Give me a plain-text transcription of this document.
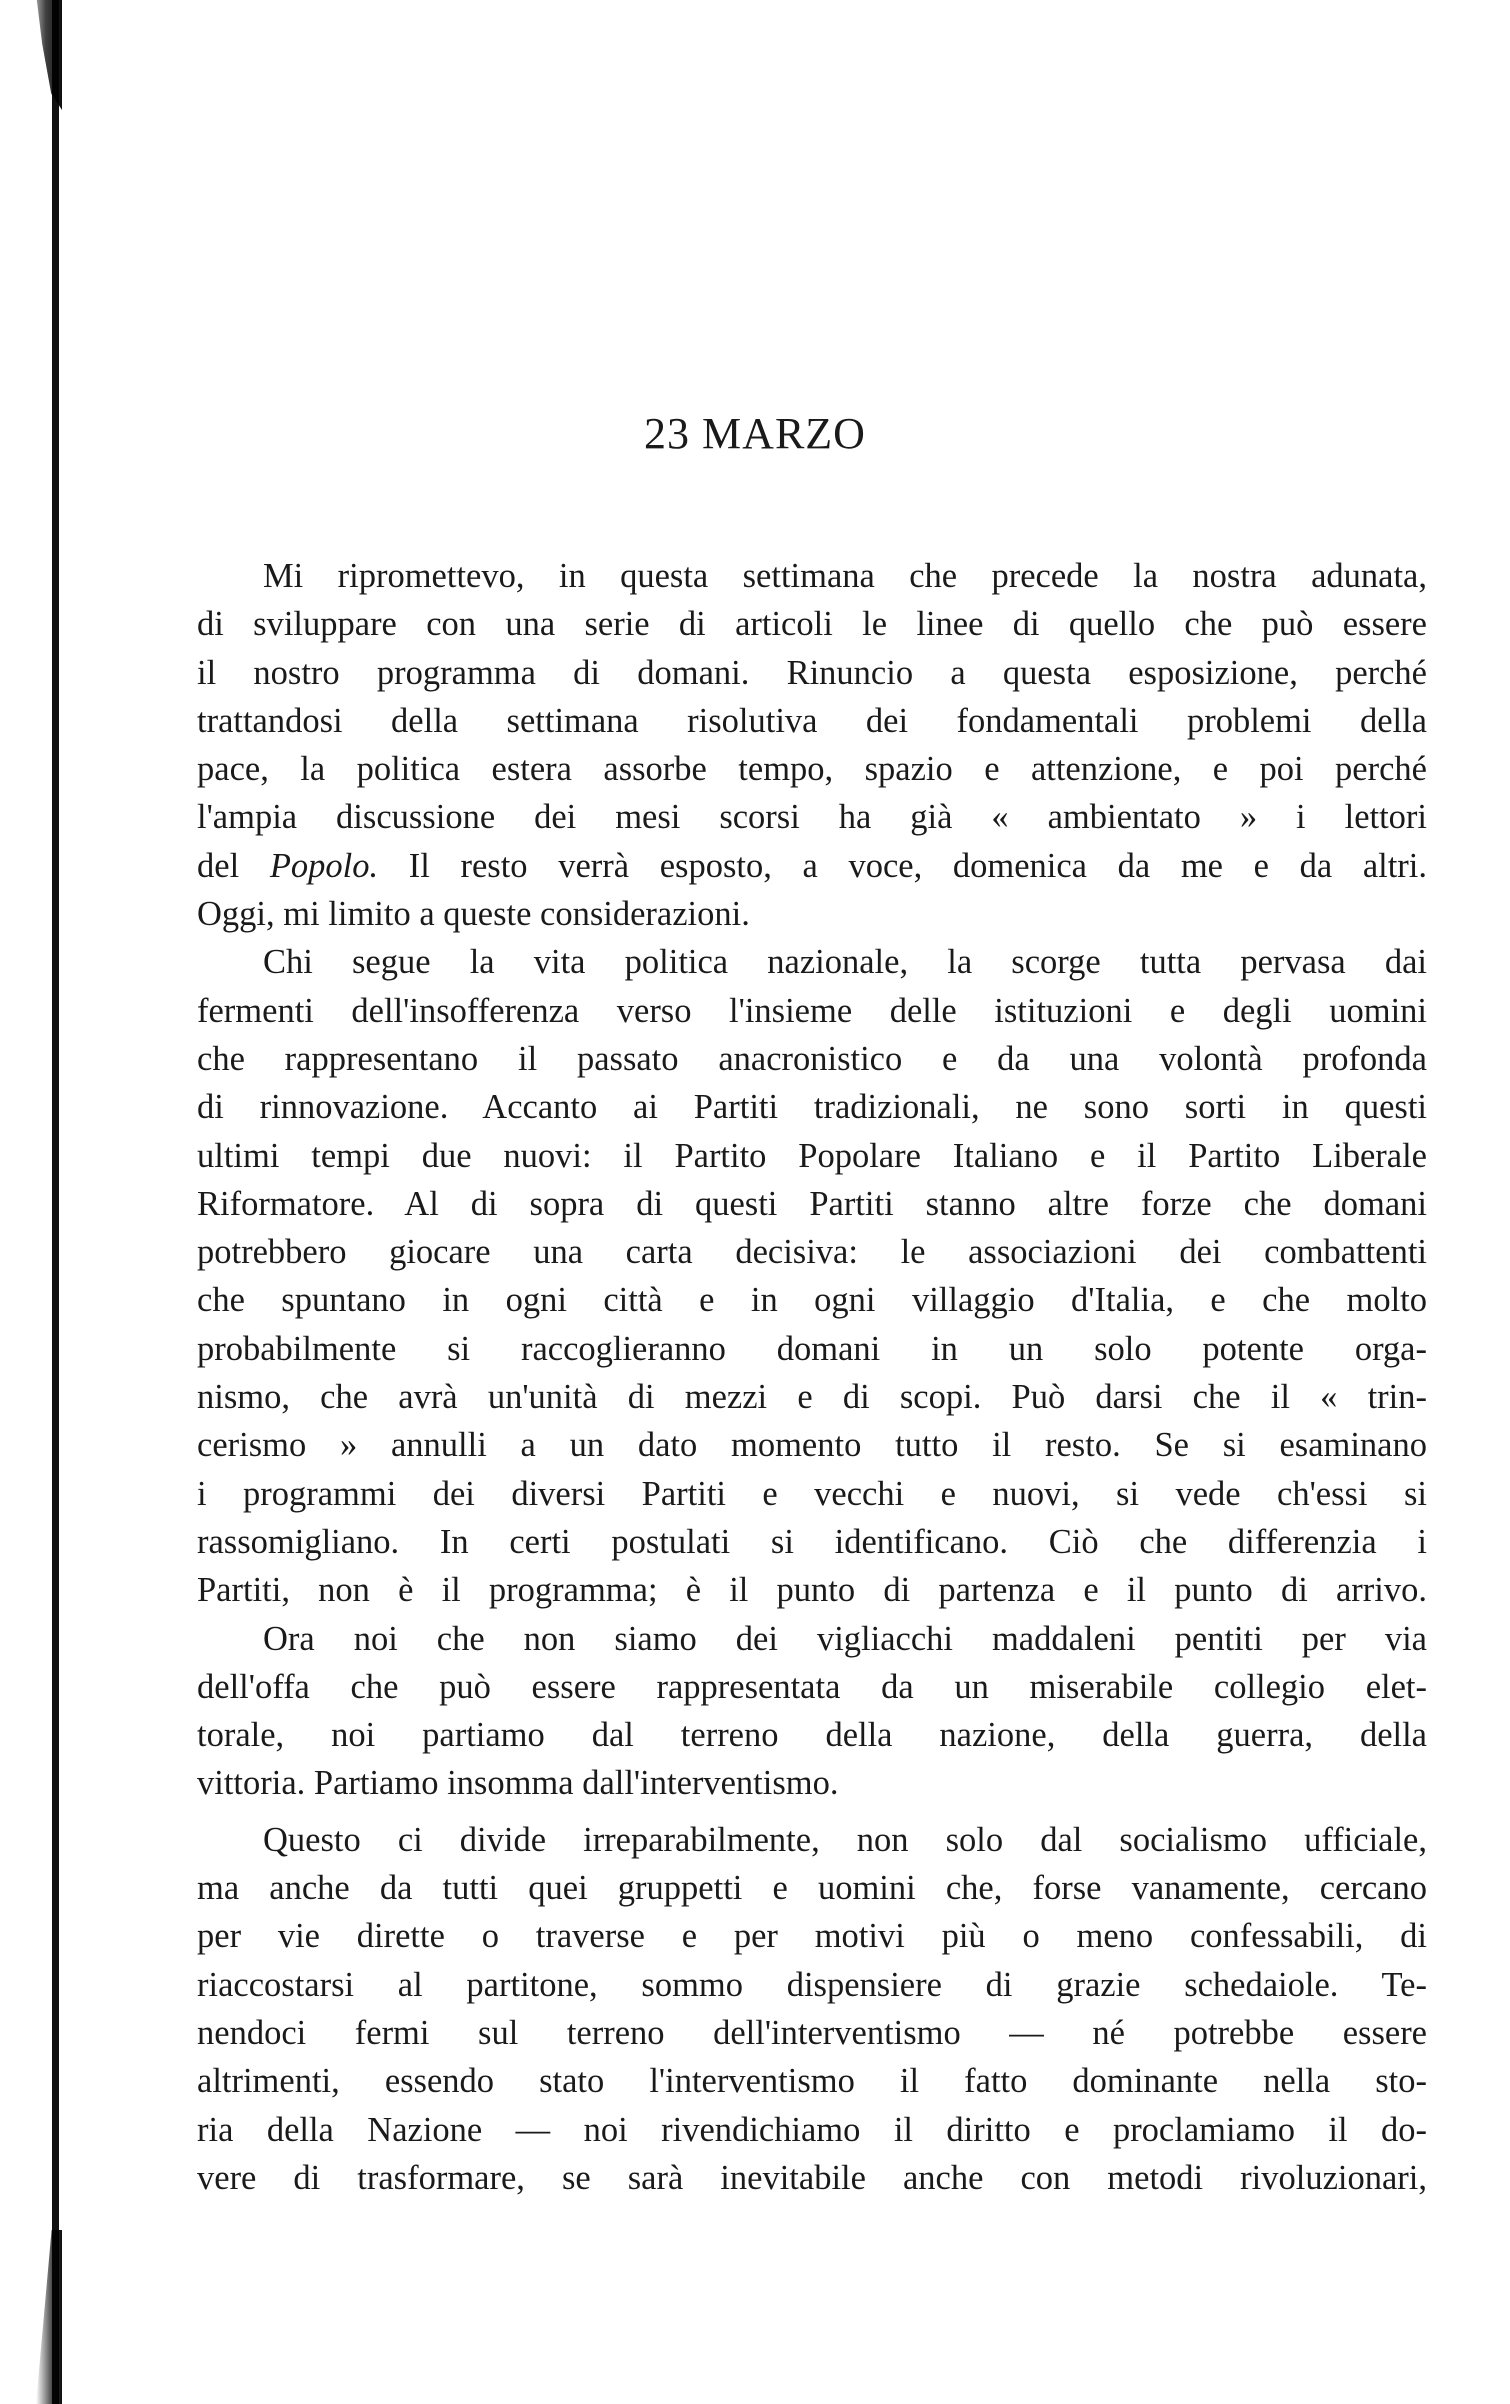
23 MARZO
Mi ripromettevo, in questa settimana che precede la nostra adunata,
di sviluppare con una serie di articoli le linee di quello che può essere
il nostro programma di domani. Rinuncio a questa esposizione, perché
trattandosi della settimana risolutiva dei fondamentali problemi della
pace, la politica estera assorbe tempo, spazio e attenzione, e poi perché
l'ampia discussione dei mesi scorsi ha già « ambientato » i lettori
del Popolo. Il resto verrà esposto, a voce, domenica da me e da altri.
Oggi, mi limito a queste considerazioni.
Chi segue la vita politica nazionale, la scorge tutta pervasa dai
fermenti dell'insofferenza verso l'insieme delle istituzioni e degli uomini
che rappresentano il passato anacronistico e da una volontà profonda
di rinnovazione. Accanto ai Partiti tradizionali, ne sono sorti in questi
ultimi tempi due nuovi: il Partito Popolare Italiano e il Partito Liberale
Riformatore. Al di sopra di questi Partiti stanno altre forze che domani
potrebbero giocare una carta decisiva: le associazioni dei combattenti
che spuntano in ogni città e in ogni villaggio d'Italia, e che molto
probabilmente si raccoglieranno domani in un solo potente orga-
nismo, che avrà un'unità di mezzi e di scopi. Può darsi che il « trin-
cerismo » annulli a un dato momento tutto il resto. Se si esaminano
i programmi dei diversi Partiti e vecchi e nuovi, si vede ch'essi si
rassomigliano. In certi postulati si identificano. Ciò che differenzia i
Partiti, non è il programma; è il punto di partenza e il punto di arrivo.
Ora noi che non siamo dei vigliacchi maddaleni pentiti per via
dell'offa che può essere rappresentata da un miserabile collegio elet-
torale, noi partiamo dal terreno della nazione, della guerra, della
vittoria. Partiamo insomma dall'interventismo.
Questo ci divide irreparabilmente, non solo dal socialismo ufficiale,
ma anche da tutti quei gruppetti e uomini che, forse vanamente, cercano
per vie dirette o traverse e per motivi più o meno confessabili, di
riaccostarsi al partitone, sommo dispensiere di grazie schedaiole. Te-
nendoci fermi sul terreno dell'interventismo — né potrebbe essere
altrimenti, essendo stato l'interventismo il fatto dominante nella sto-
ria della Nazione — noi rivendichiamo il diritto e proclamiamo il do-
vere di trasformare, se sarà inevitabile anche con metodi rivoluzionari,
